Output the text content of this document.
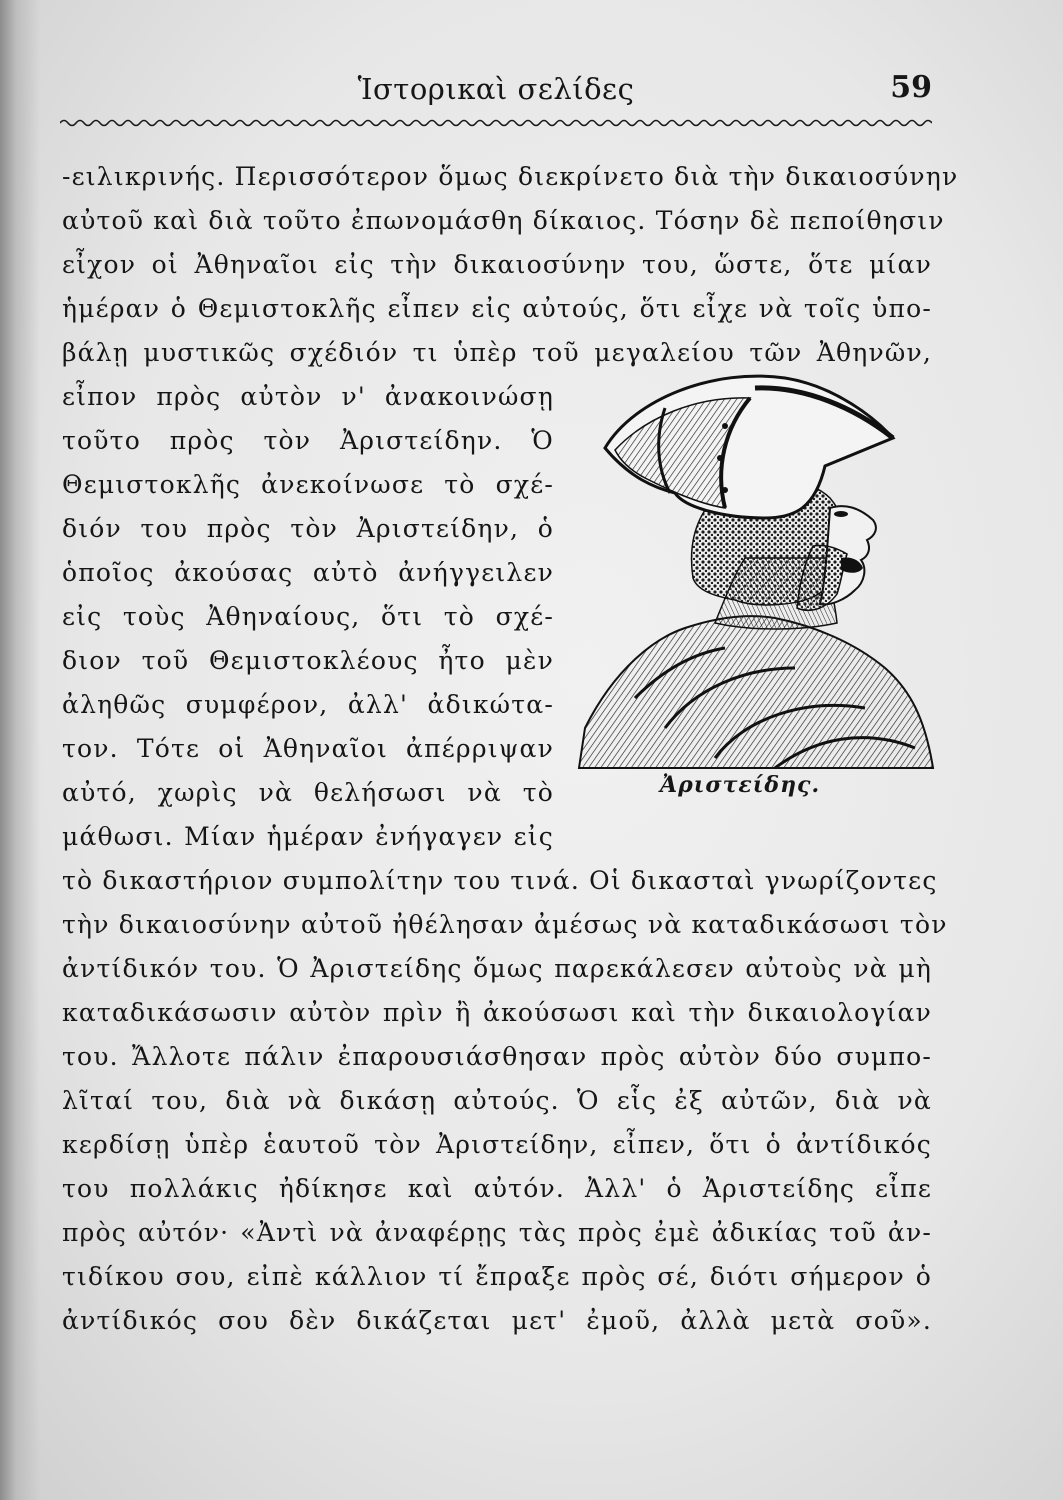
Ἱστορικαὶ σελίδες	59
-ειλικρινής. Περισσότερον ὅμως διεκρίνετο διὰ τὴν δικαιοσύνην
αὐτοῦ καὶ διὰ τοῦτο ἐπωνομάσθη δίκαιος. Τόσην δὲ πεποίθησιν
εἶχον οἱ Ἀθηναῖοι εἰς τὴν δικαιοσύνην του, ὥστε, ὅτε μίαν
ἡμέραν ὁ Θεμιστοκλῆς εἶπεν εἰς αὐτούς, ὅτι εἶχε νὰ τοῖς ὑπο-
βάλῃ μυστικῶς σχέδιόν τι ὑπὲρ τοῦ μεγαλείου τῶν Ἀθηνῶν,
εἶπον πρὸς αὐτὸν ν' ἀνακοινώσῃ
τοῦτο πρὸς τὸν Ἀριστείδην. Ὁ
Θεμιστοκλῆς ἀνεκοίνωσε τὸ σχέ-
διόν του πρὸς τὸν Ἀριστείδην, ὁ
ὁποῖος ἀκούσας αὐτὸ ἀνήγγειλεν
εἰς τοὺς Ἀθηναίους, ὅτι τὸ σχέ-
διον τοῦ Θεμιστοκλέους ἦτο μὲν
ἀληθῶς συμφέρον, ἀλλ' ἀδικώτα-
τον. Τότε οἱ Ἀθηναῖοι ἀπέρριψαν
αὐτό, χωρὶς νὰ θελήσωσι νὰ τὸ
μάθωσι. Μίαν ἡμέραν ἐνήγαγεν εἰς
τὸ δικαστήριον συμπολίτην του τινά. Οἱ δικασταὶ γνωρίζοντες
τὴν δικαιοσύνην αὐτοῦ ἠθέλησαν ἀμέσως νὰ καταδικάσωσι τὸν
ἀντίδικόν του. Ὁ Ἀριστείδης ὅμως παρεκάλεσεν αὐτοὺς νὰ μὴ
καταδικάσωσιν αὐτὸν πρὶν ἢ ἀκούσωσι καὶ τὴν δικαιολογίαν
του. Ἄλλοτε πάλιν ἐπαρουσιάσθησαν πρὸς αὐτὸν δύο συμπο-
λῖταί του, διὰ νὰ δικάσῃ αὐτούς. Ὁ εἷς ἐξ αὐτῶν, διὰ νὰ
κερδίσῃ ὑπὲρ ἑαυτοῦ τὸν Ἀριστείδην, εἶπεν, ὅτι ὁ ἀντίδικός
του πολλάκις ἠδίκησε καὶ αὐτόν. Ἀλλ' ὁ Ἀριστείδης εἶπε
πρὸς αὐτόν· «Ἀντὶ νὰ ἀναφέρῃς τὰς πρὸς ἐμὲ ἀδικίας τοῦ ἀν-
τιδίκου σου, εἰπὲ κάλλιον τί ἔπραξε πρὸς σέ, διότι σήμερον ὁ
ἀντίδικός σου δὲν δικάζεται μετ' ἐμοῦ, ἀλλὰ μετὰ σοῦ».
Ἀριστείδης.
